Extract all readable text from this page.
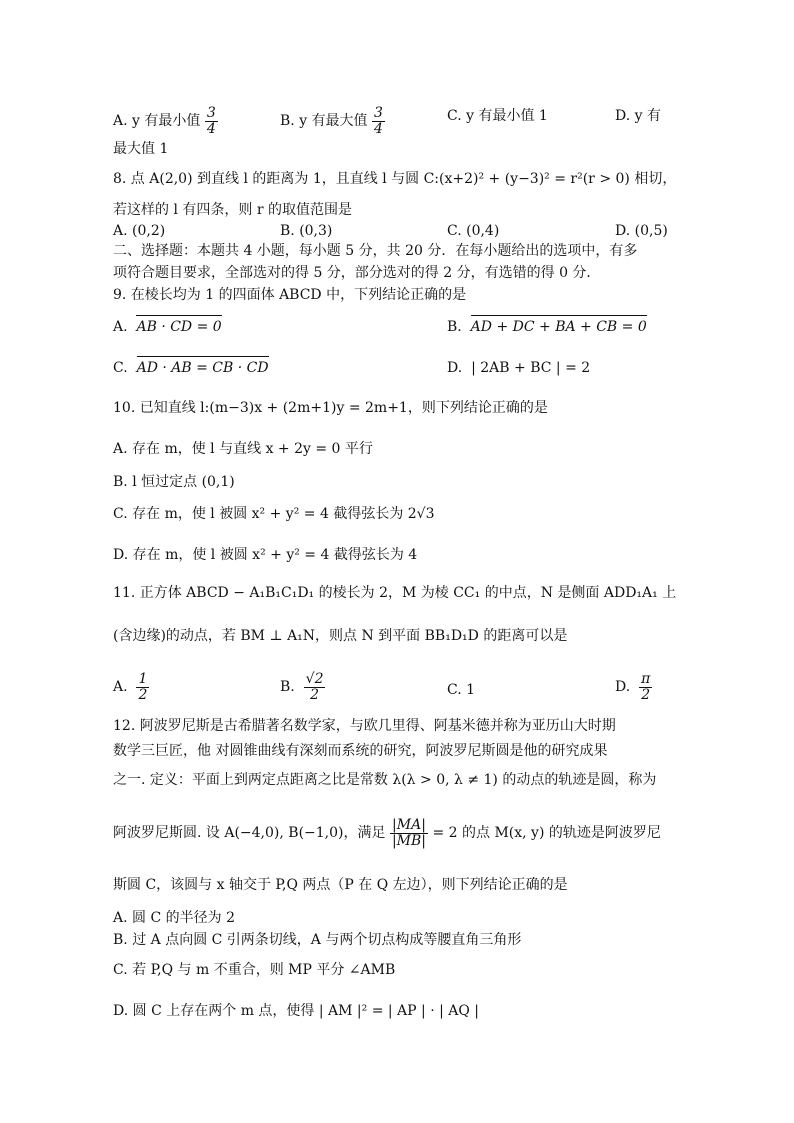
A. y 有最小值 $\frac{3}{4}$	B. y 有最大值 $\frac{3}{4}$	C. y 有最小值 1	D. y 有
最大值 1
8. 点 A(2,0) 到直线 l 的距离为 1，且直线 l 与圆 C:(x+2)² + (y−3)² = r²(r > 0) 相切，
若这样的 l 有四条，则 r 的取值范围是
A. (0,2)	B. (0,3)	C. (0,4)	D. (0,5)
二、选择题：本题共 4 小题，每小题 5 分，共 20 分．在每小题给出的选项中，有多
项符合题目要求，全部选对的得 5 分，部分选对的得 2 分，有选错的得 0 分．
9. 在棱长均为 1 的四面体 ABCD 中，下列结论正确的是
A. AB · CD = 0	B. AD + DC + BA + CB = 0
C. AD · AB = CB · CD	D. | 2AB + BC | = 2
10. 已知直线 l:(m−3)x + (2m+1)y = 2m+1，则下列结论正确的是
A. 存在 m，使 l 与直线 x + 2y = 0 平行
B. l 恒过定点 (0,1)
C. 存在 m，使 l 被圆 x² + y² = 4 截得弦长为 2√3
D. 存在 m，使 l 被圆 x² + y² = 4 截得弦长为 4
11. 正方体 ABCD − A₁B₁C₁D₁ 的棱长为 2，M 为棱 CC₁ 的中点，N 是侧面 ADD₁A₁ 上
(含边缘)的动点，若 BM ⊥ A₁N，则点 N 到平面 BB₁D₁D 的距离可以是
A. $\frac{1}{2}$	B. $\frac{√2}{2}$	C. 1	D. $\frac{\pi}{2}$
12. 阿波罗尼斯是古希腊著名数学家，与欧几里得、阿基米德并称为亚历山大时期
数学三巨匠，他 对圆锥曲线有深刻而系统的研究，阿波罗尼斯圆是他的研究成果
之一. 定义：平面上到两定点距离之比是常数 λ(λ > 0, λ ≠ 1) 的动点的轨迹是圆，称为
阿波罗尼斯圆. 设 A(−4,0), B(−1,0)，满足 $\frac{|MA|}{|MB|} = 2$ 的点 M(x, y) 的轨迹是阿波罗尼
斯圆 C，该圆与 x 轴交于 P,Q 两点（P 在 Q 左边），则下列结论正确的是
A. 圆 C 的半径为 2
B. 过 A 点向圆 C 引两条切线，A 与两个切点构成等腰直角三角形
C. 若 P,Q 与 m 不重合，则 MP 平分 ∠AMB
D. 圆 C 上存在两个 m 点，使得 | AM |² = | AP | · | AQ |
